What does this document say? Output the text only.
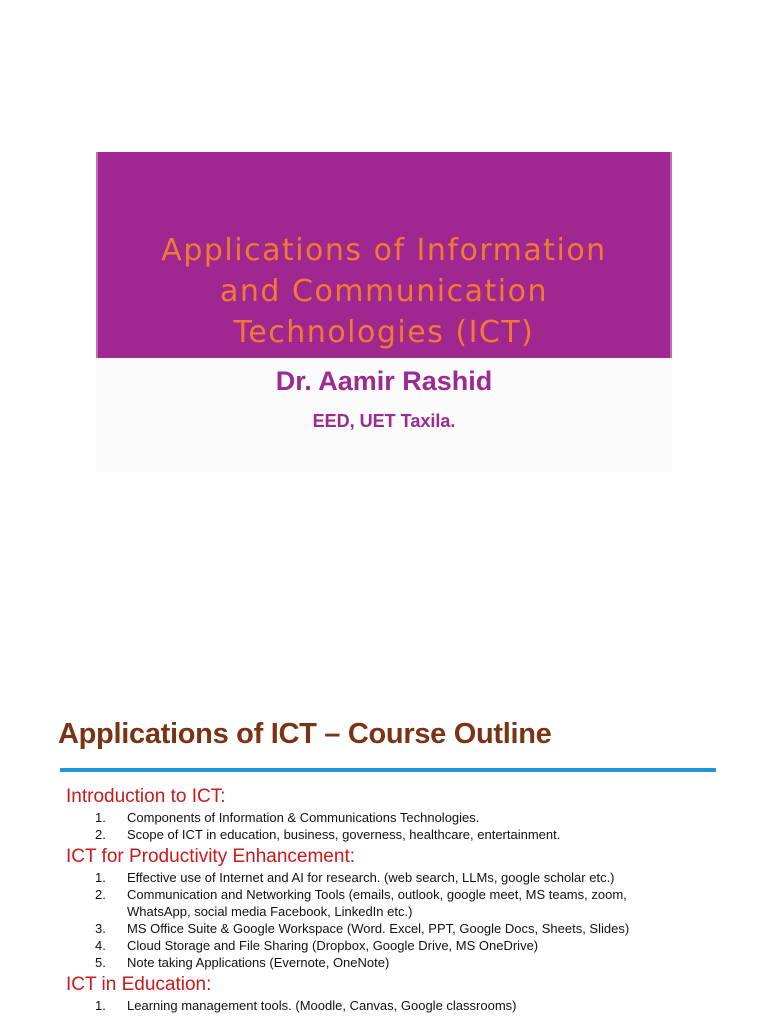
Applications of Information
and Communication
Technologies (ICT)
Dr. Aamir Rashid
EED, UET Taxila.
Applications of ICT – Course Outline
Introduction to ICT:
1. Components of Information & Communications Technologies.
2. Scope of ICT in education, business, governess, healthcare, entertainment.
ICT for Productivity Enhancement:
1. Effective use of Internet and AI for research. (web search, LLMs, google scholar etc.)
2. Communication and Networking Tools (emails, outlook, google meet, MS teams, zoom,
WhatsApp, social media Facebook, LinkedIn etc.)
3. MS Office Suite & Google Workspace (Word. Excel, PPT, Google Docs, Sheets, Slides)
4. Cloud Storage and File Sharing (Dropbox, Google Drive, MS OneDrive)
5. Note taking Applications (Evernote, OneNote)
ICT in Education:
1. Learning management tools. (Moodle, Canvas, Google classrooms)
